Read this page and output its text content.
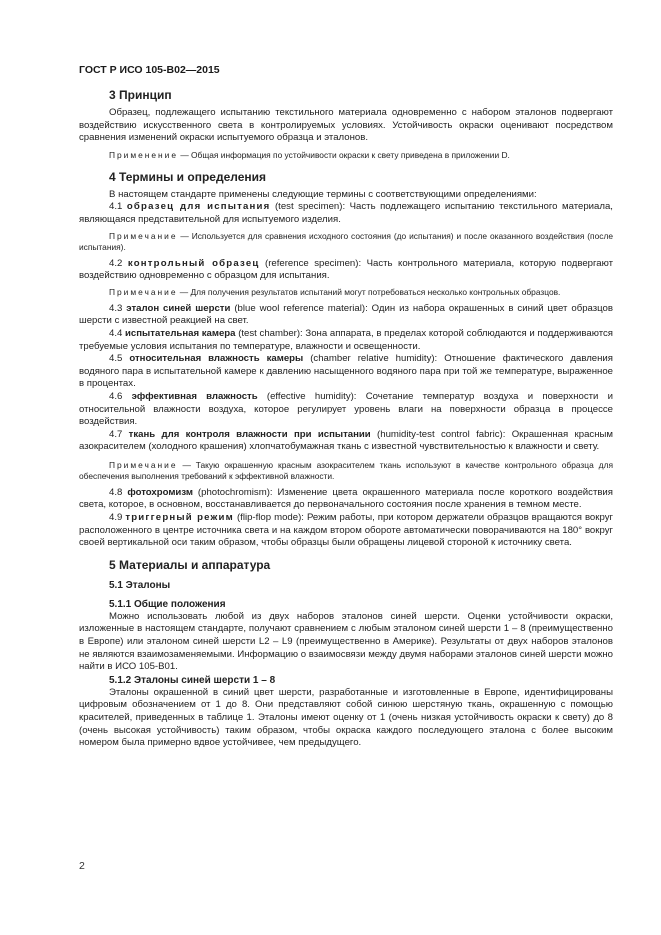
ГОСТ Р ИСО 105-В02—2015
3 Принцип

Образец, подлежащего испытанию текстильного материала одновременно с набором эталонов подвергают воздействию искусственного света в контролируемых условиях. Устойчивость окраски оценивают посредством сравнения изменений окраски испытуемого образца и эталонов.

Применение — Общая информация по устойчивости окраски к свету приведена в приложении D.

4 Термины и определения

В настоящем стандарте применены следующие термины с соответствующими определениями:

4.1 образец для испытания (test specimen): Часть подлежащего испытанию текстильного материала, являющаяся представительной для испытуемого изделия.

Примечание — Используется для сравнения исходного состояния (до испытания) и после оказанного воздействия (после испытания).

4.2 контрольный образец (reference specimen): Часть контрольного материала, которую подвергают воздействию одновременно с образцом для испытания.

Примечание — Для получения результатов испытаний могут потребоваться несколько контрольных образцов.

4.3 эталон синей шерсти (blue wool reference material): Один из набора окрашенных в синий цвет образцов шерсти с известной реакцией на свет.

4.4 испытательная камера (test chamber): Зона аппарата, в пределах которой соблюдаются и поддерживаются требуемые условия испытания по температуре, влажности и освещенности.

4.5 относительная влажность камеры (chamber relative humidity): Отношение фактического давления водяного пара в испытательной камере к давлению насыщенного водяного пара при той же температуре, выраженное в процентах.

4.6 эффективная влажность (effective humidity): Сочетание температур воздуха и поверхности и относительной влажности воздуха, которое регулирует уровень влаги на поверхности образца в процессе воздействия.

4.7 ткань для контроля влажности при испытании (humidity-test control fabric): Окрашенная красным азокрасителем (холодного крашения) хлопчатобумажная ткань с известной чувствительностью к влажности и свету.

Примечание — Такую окрашенную красным азокрасителем ткань используют в качестве контрольного образца для обеспечения выполнения требований к эффективной влажности.

4.8 фотохромизм (photochromism): Изменение цвета окрашенного материала после короткого воздействия света, которое, в основном, восстанавливается до первоначального состояния после хранения в темном месте.

4.9 триггерный режим (flip-flop mode): Режим работы, при котором держатели образцов вращаются вокруг расположенного в центре источника света и на каждом втором обороте автоматически поворачиваются на 180° вокруг своей вертикальной оси таким образом, чтобы образцы были обращены лицевой стороной к источнику света.

5 Материалы и аппаратура
5.1 Эталоны
5.1.1 Общие положения

Можно использовать любой из двух наборов эталонов синей шерсти. Оценки устойчивости окраски, изложенные в настоящем стандарте, получают сравнением с любым эталоном синей шерсти 1 – 8 (преимущественно в Европе) или эталоном синей шерсти L2 – L9 (преимущественно в Америке). Результаты от двух наборов эталонов не являются взаимозаменяемыми. Информацию о взаимосвязи между двумя наборами эталонов синей шерсти можно найти в ИСО 105-В01.

5.1.2 Эталоны синей шерсти 1 – 8

Эталоны окрашенной в синий цвет шерсти, разработанные и изготовленные в Европе, идентифицированы цифровым обозначением от 1 до 8. Они представляют собой синюю шерстяную ткань, окрашенную с помощью красителей, приведенных в таблице 1. Эталоны имеют оценку от 1 (очень низкая устойчивость окраски к свету) до 8 (очень высокая устойчивость) таким образом, чтобы окраска каждого последующего эталона с более высоким номером была примерно вдвое устойчивее, чем предыдущего.

2
